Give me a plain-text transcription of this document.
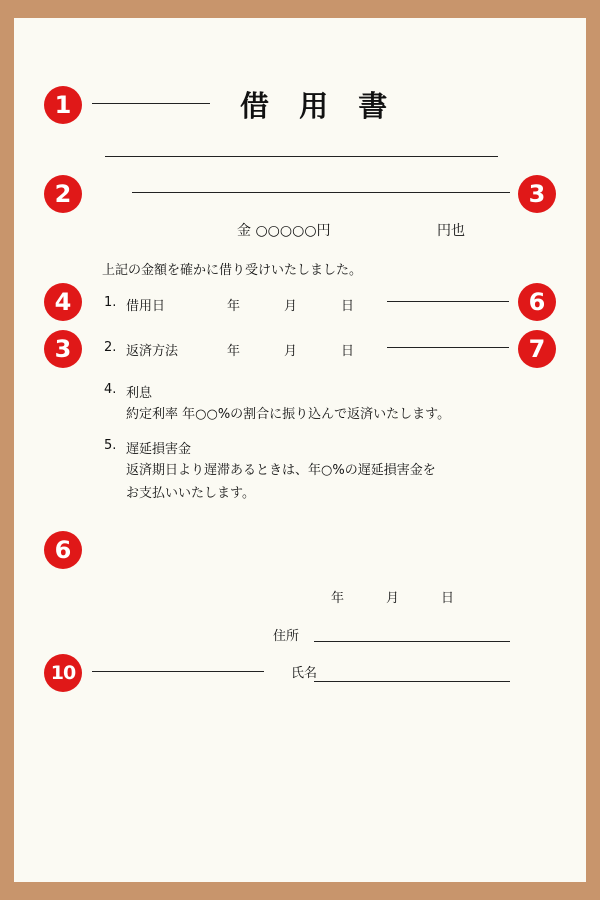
1	借 用 書
2	3
金 ○○○○○円	円也
上記の金額を確かに借り受けいたしました。
4	1. 借用日	年	月	日	6
3	2. 返済方法	年	月	日	7
4. 利息
約定利率 年○○%の割合に振り込んで返済いたします。
5. 遅延損害金
返済期日より遅滞あるときは、年○%の遅延損害金を
お支払いいたします。
6
年	月	日
住所
10	氏名
